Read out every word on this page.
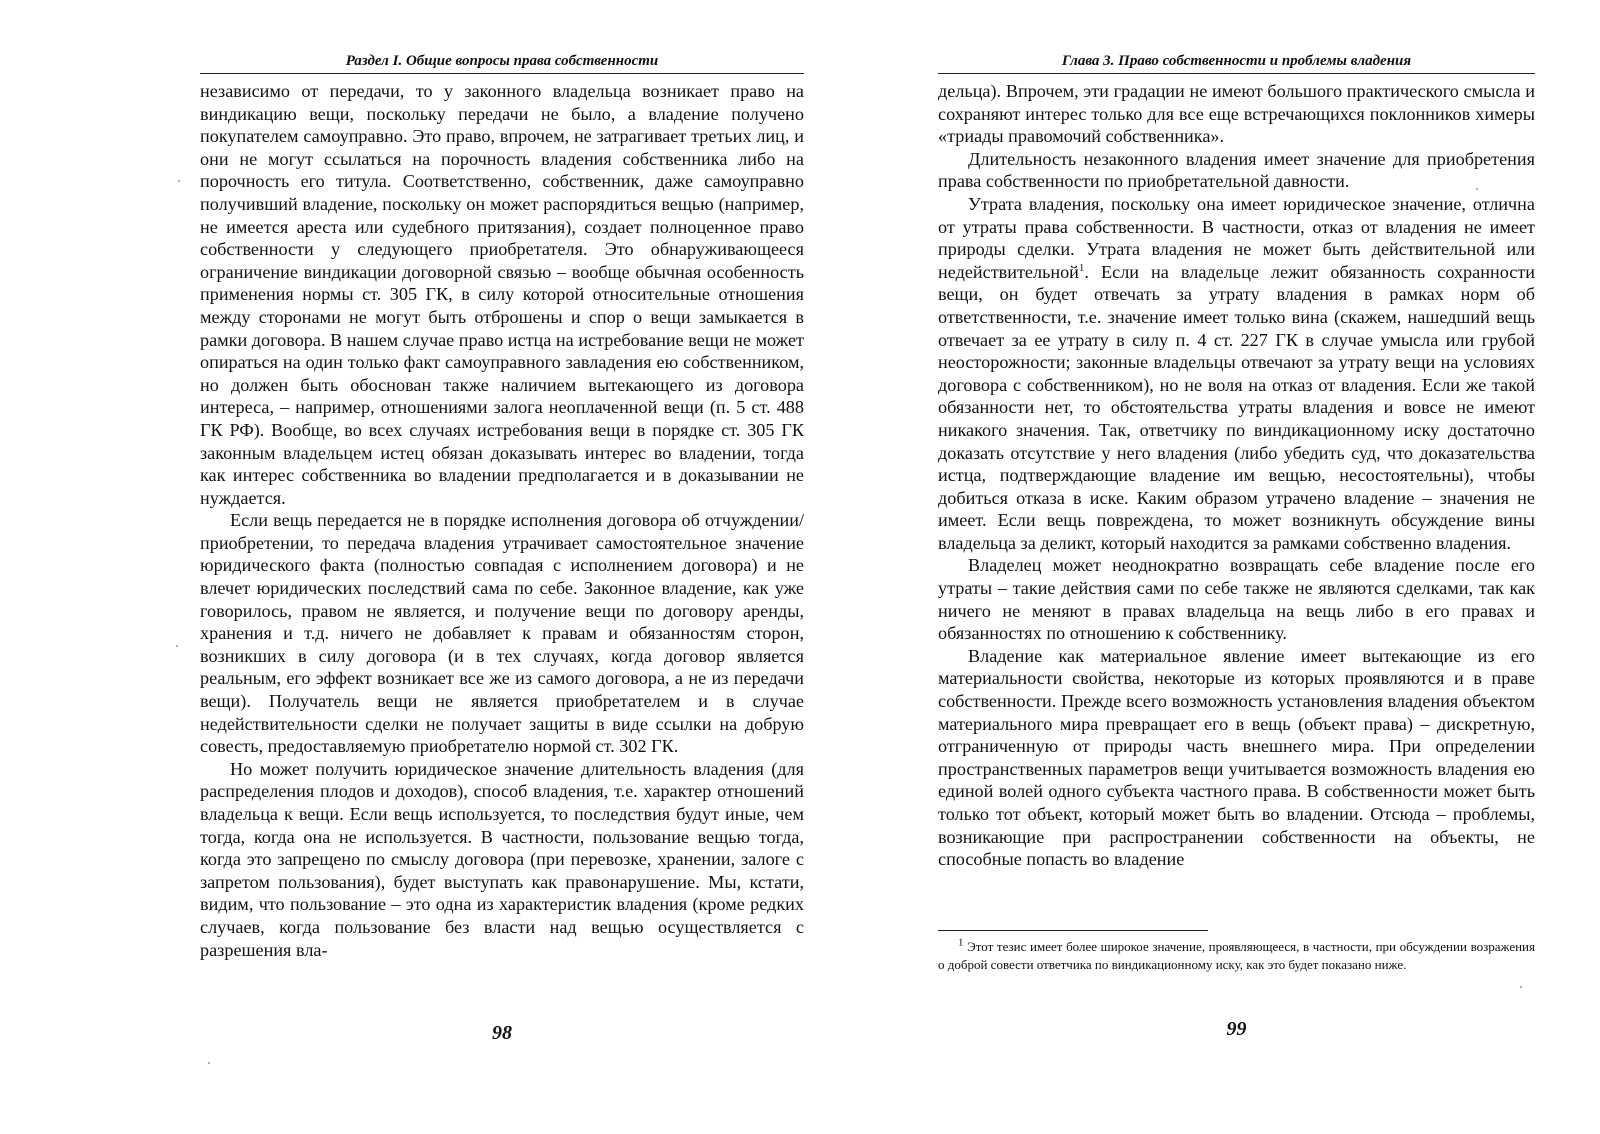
Раздел I. Общие вопросы права собственности

независимо от передачи, то у законного владельца возникает право на виндикацию вещи, поскольку передачи не было, а владение получено покупателем самоуправно. Это право, впрочем, не затрагивает третьих лиц, и они не могут ссылаться на порочность владения собственника либо на порочность его титула. Соответственно, собственник, даже самоуправно получивший владение, поскольку он может распорядиться вещью (например, не имеется ареста или судебного притязания), создает полноценное право собственности у следующего приобретателя. Это обнаруживающееся ограничение виндикации договорной связью – вообще обычная особенность применения нормы ст. 305 ГК, в силу которой относительные отношения между сторонами не могут быть отброшены и спор о вещи замыкается в рамки договора. В нашем случае право истца на истребование вещи не может опираться на один только факт самоуправного завладения ею собственником, но должен быть обоснован также наличием вытекающего из договора интереса, – например, отношениями залога неоплаченной вещи (п. 5 ст. 488 ГК РФ). Вообще, во всех случаях истребования вещи в порядке ст. 305 ГК законным владельцем истец обязан доказывать интерес во владении, тогда как интерес собственника во владении предполагается и в доказывании не нуждается.

Если вещь передается не в порядке исполнения договора об отчуждении/приобретении, то передача владения утрачивает самостоятельное значение юридического факта (полностью совпадая с исполнением договора) и не влечет юридических последствий сама по себе. Законное владение, как уже говорилось, правом не является, и получение вещи по договору аренды, хранения и т.д. ничего не добавляет к правам и обязанностям сторон, возникших в силу договора (и в тех случаях, когда договор является реальным, его эффект возникает все же из самого договора, а не из передачи вещи). Получатель вещи не является приобретателем и в случае недействительности сделки не получает защиты в виде ссылки на добрую совесть, предоставляемую приобретателю нормой ст. 302 ГК.

Но может получить юридическое значение длительность владения (для распределения плодов и доходов), способ владения, т.е. характер отношений владельца к вещи. Если вещь используется, то последствия будут иные, чем тогда, когда она не используется. В частности, пользование вещью тогда, когда это запрещено по смыслу договора (при перевозке, хранении, залоге с запретом пользования), будет выступать как правонарушение. Мы, кстати, видим, что пользование – это одна из характеристик владения (кроме редких случаев, когда пользование без власти над вещью осуществляется с разрешения вла-

98
Глава 3. Право собственности и проблемы владения

дельца). Впрочем, эти градации не имеют большого практического смысла и сохраняют интерес только для все еще встречающихся поклонников химеры «триады правомочий собственника».

Длительность незаконного владения имеет значение для приобретения права собственности по приобретательной давности.

Утрата владения, поскольку она имеет юридическое значение, отлична от утраты права собственности. В частности, отказ от владения не имеет природы сделки. Утрата владения не может быть действительной или недействительной$^1$. Если на владельце лежит обязанность сохранности вещи, он будет отвечать за утрату владения в рамках норм об ответственности, т.е. значение имеет только вина (скажем, нашедший вещь отвечает за ее утрату в силу п. 4 ст. 227 ГК в случае умысла или грубой неосторожности; законные владельцы отвечают за утрату вещи на условиях договора с собственником), но не воля на отказ от владения. Если же такой обязанности нет, то обстоятельства утраты владения и вовсе не имеют никакого значения. Так, ответчику по виндикационному иску достаточно доказать отсутствие у него владения (либо убедить суд, что доказательства истца, подтверждающие владение им вещью, несостоятельны), чтобы добиться отказа в иске. Каким образом утрачено владение – значения не имеет. Если вещь повреждена, то может возникнуть обсуждение вины владельца за деликт, который находится за рамками собственно владения.

Владелец может неоднократно возвращать себе владение после его утраты – такие действия сами по себе также не являются сделками, так как ничего не меняют в правах владельца на вещь либо в его правах и обязанностях по отношению к собственнику.

Владение как материальное явление имеет вытекающие из его материальности свойства, некоторые из которых проявляются и в праве собственности. Прежде всего возможность установления владения объектом материального мира превращает его в вещь (объект права) – дискретную, отграниченную от природы часть внешнего мира. При определении пространственных параметров вещи учитывается возможность владения ею единой волей одного субъекта частного права. В собственности может быть только тот объект, который может быть во владении. Отсюда – проблемы, возникающие при распространении собственности на объекты, не способные попасть во владение

$^1$ Этот тезис имеет более широкое значение, проявляющееся, в частности, при обсуждении возражения о доброй совести ответчика по виндикационному иску, как это будет показано ниже.

99
